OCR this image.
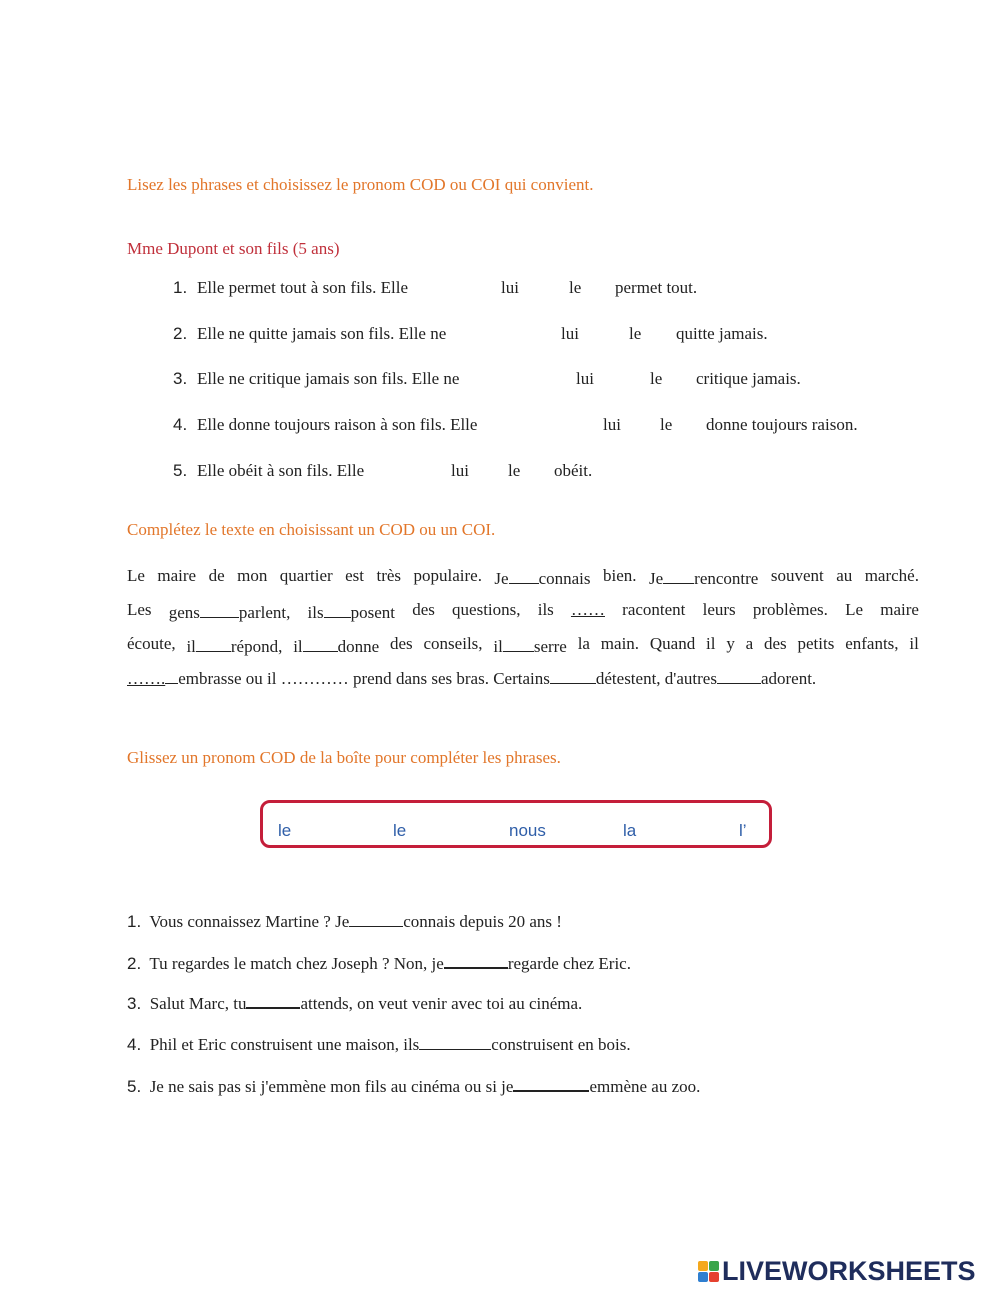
Lisez les phrases et choisissez le pronom COD ou COI qui convient.
Mme Dupont et son fils (5 ans)
1. Elle permet tout à son fils. Elle	lui	le permet tout.
2. Elle ne quitte jamais son fils. Elle ne	lui	le quitte jamais.
3. Elle ne critique jamais son fils. Elle ne	lui	le critique jamais.
4. Elle donne toujours raison à son fils. Elle	lui le donne toujours raison.
5. Elle obéit à son fils. Elle	lui le obéit.
Complétez le texte en choisissant un COD ou un COI.
Le maire de mon quartier est très populaire. Je connais bien. Je rencontre souvent au marché.
Les gens parlent, ils posent des questions, ils …… racontent leurs problèmes. Le maire
écoute, il répond, il donne des conseils, il serre la main. Quand il y a des petits enfants, il
……. embrasse ou il ………… prend dans ses bras. Certains	détestent, d'autres	adorent.
Glissez un pronom COD de la boîte pour compléter les phrases.
le	le	nous	la	l’
1. Vous connaissez Martine ? Je	connais depuis 20 ans !
2. Tu regardes le match chez Joseph ? Non, je	regarde chez Eric.
3. Salut Marc, tu	attends, on veut venir avec toi au cinéma.
4. Phil et Eric construisent une maison, ils	construisent en bois.
5. Je ne sais pas si j'emmène mon fils au cinéma ou si je	emmène au zoo.
LIVEWORKSHEETS
